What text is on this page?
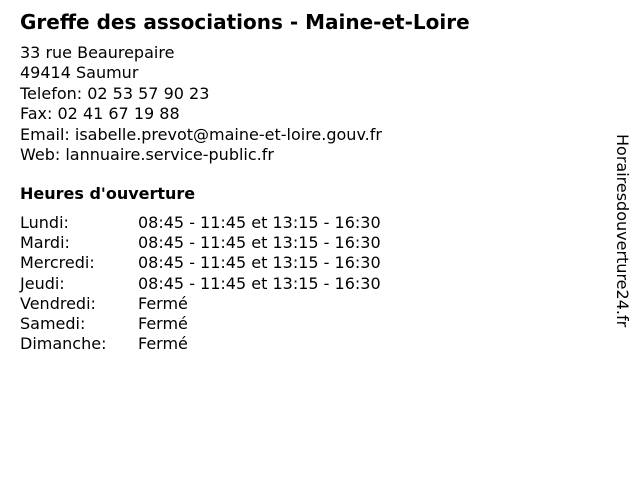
Greffe des associations - Maine-et-Loire
33 rue Beaurepaire
49414 Saumur
Telefon: 02 53 57 90 23
Fax: 02 41 67 19 88
Email: isabelle.prevot@maine-et-loire.gouv.fr
Web: lannuaire.service-public.fr
Heures d'ouverture
Lundi:	08:45 - 11:45 et 13:15 - 16:30
Mardi:	08:45 - 11:45 et 13:15 - 16:30
Mercredi:	08:45 - 11:45 et 13:15 - 16:30
Jeudi:	08:45 - 11:45 et 13:15 - 16:30
Vendredi:	Fermé
Samedi:	Fermé
Dimanche:	Fermé
Horairesdouverture24.fr
